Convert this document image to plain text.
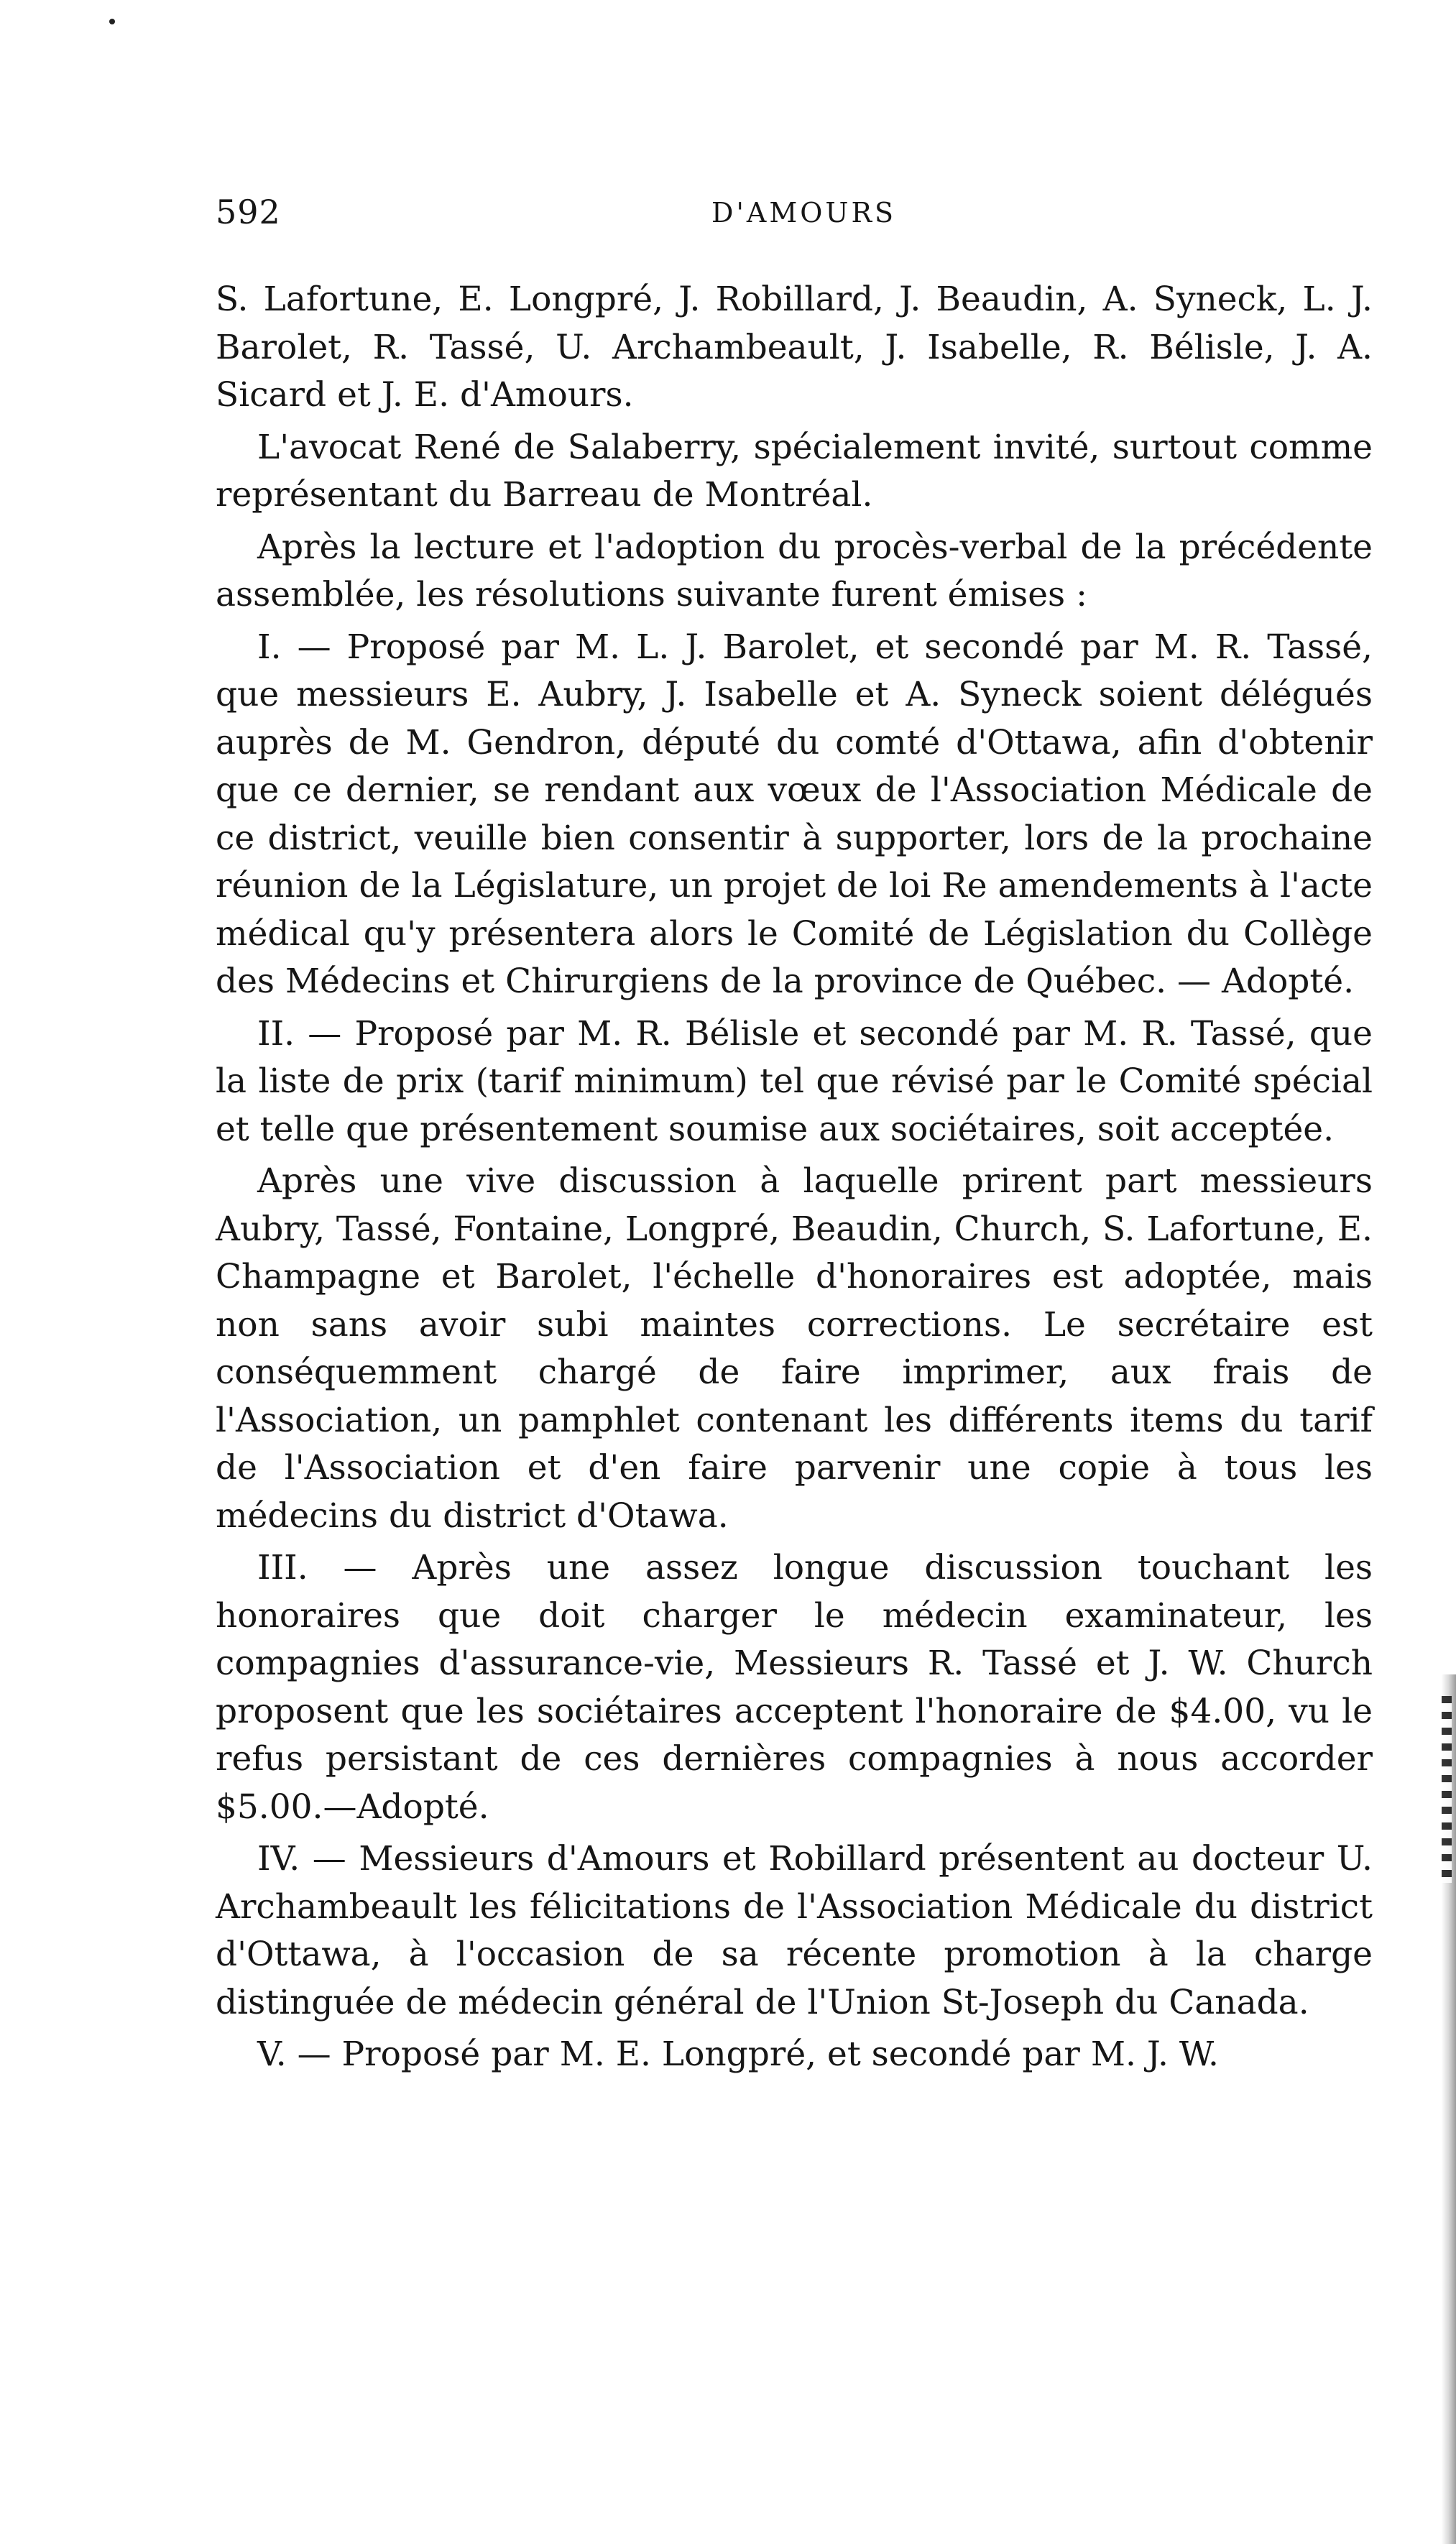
592	D'AMOURS

S. Lafortune, E. Longpré, J. Robillard, J. Beaudin, A. Syneck, L. J. Barolet, R. Tassé, U. Archambeault, J. Isabelle, R. Bélisle, J. A. Sicard et J. E. d'Amours.

L'avocat René de Salaberry, spécialement invité, surtout comme représentant du Barreau de Montréal.

Après la lecture et l'adoption du procès-verbal de la précédente assemblée, les résolutions suivante furent émises :

I. — Proposé par M. L. J. Barolet, et secondé par M. R. Tassé, que messieurs E. Aubry, J. Isabelle et A. Syneck soient délégués auprès de M. Gendron, député du comté d'Ottawa, afin d'obtenir que ce dernier, se rendant aux vœux de l'Association Médicale de ce district, veuille bien consentir à supporter, lors de la prochaine réunion de la Législature, un projet de loi Re amendements à l'acte médical qu'y présentera alors le Comité de Législation du Collège des Médecins et Chirurgiens de la province de Québec. — Adopté.

II. — Proposé par M. R. Bélisle et secondé par M. R. Tassé, que la liste de prix (tarif minimum) tel que révisé par le Comité spécial et telle que présentement soumise aux sociétaires, soit acceptée.

Après une vive discussion à laquelle prirent part messieurs Aubry, Tassé, Fontaine, Longpré, Beaudin, Church, S. Lafortune, E. Champagne et Barolet, l'échelle d'honoraires est adoptée, mais non sans avoir subi maintes corrections. Le secrétaire est conséquemment chargé de faire imprimer, aux frais de l'Association, un pamphlet contenant les différents items du tarif de l'Association et d'en faire parvenir une copie à tous les médecins du district d'Otawa.

III. — Après une assez longue discussion touchant les honoraires que doit charger le médecin examinateur, les compagnies d'assurance-vie, Messieurs R. Tassé et J. W. Church proposent que les sociétaires acceptent l'honoraire de $4.00, vu le refus persistant de ces dernières compagnies à nous accorder $5.00.—Adopté.

IV. — Messieurs d'Amours et Robillard présentent au docteur U. Archambeault les félicitations de l'Association Médicale du district d'Ottawa, à l'occasion de sa récente promotion à la charge distinguée de médecin général de l'Union St-Joseph du Canada.

V. — Proposé par M. E. Longpré, et secondé par M. J. W.
